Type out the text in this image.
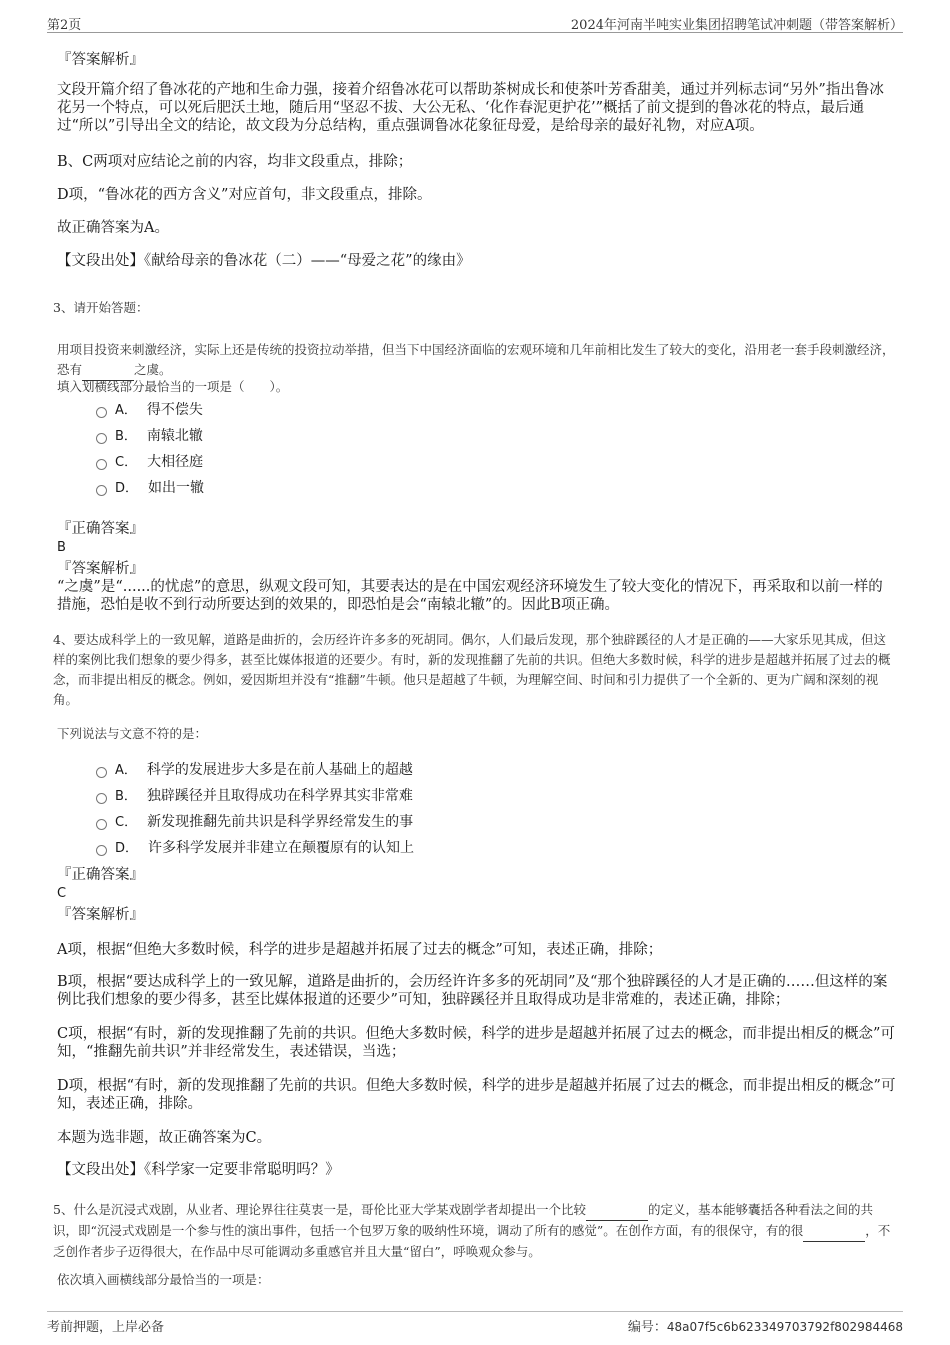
第2页	2024年河南半吨实业集团招聘笔试冲刺题（带答案解析）
『答案解析』
文段开篇介绍了鲁冰花的产地和生命力强，接着介绍鲁冰花可以帮助茶树成长和使茶叶芳香甜美，通过并列标志词“另外”指出鲁冰花另一个特点，可以死后肥沃土地，随后用“坚忍不拔、大公无私、‘化作春泥更护花’”概括了前文提到的鲁冰花的特点，最后通过“所以”引导出全文的结论，故文段为分总结构，重点强调鲁冰花象征母爱，是给母亲的最好礼物，对应A项。
B、C两项对应结论之前的内容，均非文段重点，排除；
D项，“鲁冰花的西方含义”对应首句，非文段重点，排除。
故正确答案为A。
【文段出处】《献给母亲的鲁冰花（二）——“母爱之花”的缘由》
3、请开始答题：
用项目投资来刺激经济，实际上还是传统的投资拉动举措，但当下中国经济面临的宏观环境和几年前相比发生了较大的变化，沿用老一套手段刺激经济，恐有	之虞。
填入划横线部分最恰当的一项是（　　）。
A． 得不偿失
B． 南辕北辙
C． 大相径庭
D． 如出一辙
『正确答案』
B
『答案解析』
“之虞”是“......的忧虑”的意思，纵观文段可知，其要表达的是在中国宏观经济环境发生了较大变化的情况下，再采取和以前一样的措施，恐怕是收不到行动所要达到的效果的，即恐怕是会“南辕北辙”的。因此B项正确。
4、要达成科学上的一致见解，道路是曲折的，会历经许许多多的死胡同。偶尔，人们最后发现，那个独辟蹊径的人才是正确的——大家乐见其成，但这样的案例比我们想象的要少得多，甚至比媒体报道的还要少。有时，新的发现推翻了先前的共识。但绝大多数时候，科学的进步是超越并拓展了过去的概念，而非提出相反的概念。例如，爱因斯坦并没有“推翻”牛顿。他只是超越了牛顿，为理解空间、时间和引力提供了一个全新的、更为广阔和深刻的视角。
下列说法与文意不符的是：
A． 科学的发展进步大多是在前人基础上的超越
B． 独辟蹊径并且取得成功在科学界其实非常难
C． 新发现推翻先前共识是科学界经常发生的事
D． 许多科学发展并非建立在颠覆原有的认知上
『正确答案』
C
『答案解析』
A项，根据“但绝大多数时候，科学的进步是超越并拓展了过去的概念”可知，表述正确，排除；
B项，根据“要达成科学上的一致见解，道路是曲折的，会历经许许多多的死胡同”及“那个独辟蹊径的人才是正确的……但这样的案例比我们想象的要少得多，甚至比媒体报道的还要少”可知，独辟蹊径并且取得成功是非常难的，表述正确，排除；
C项，根据“有时，新的发现推翻了先前的共识。但绝大多数时候，科学的进步是超越并拓展了过去的概念，而非提出相反的概念”可知，“推翻先前共识”并非经常发生，表述错误，当选；
D项，根据“有时，新的发现推翻了先前的共识。但绝大多数时候，科学的进步是超越并拓展了过去的概念，而非提出相反的概念”可知，表述正确，排除。
本题为选非题，故正确答案为C。
【文段出处】《科学家一定要非常聪明吗？》
5、什么是沉浸式戏剧，从业者、理论界往往莫衷一是，哥伦比亚大学某戏剧学者却提出一个比较	的定义，基本能够囊括各种看法之间的共识，即“沉浸式戏剧是一个参与性的演出事件，包括一个包罗万象的吸纳性环境，调动了所有的感觉”。在创作方面，有的很保守，有的很	，不乏创作者步子迈得很大，在作品中尽可能调动多重感官并且大量“留白”，呼唤观众参与。
依次填入画横线部分最恰当的一项是：
考前押题，上岸必备	编号：48a07f5c6b623349703792f802984468
